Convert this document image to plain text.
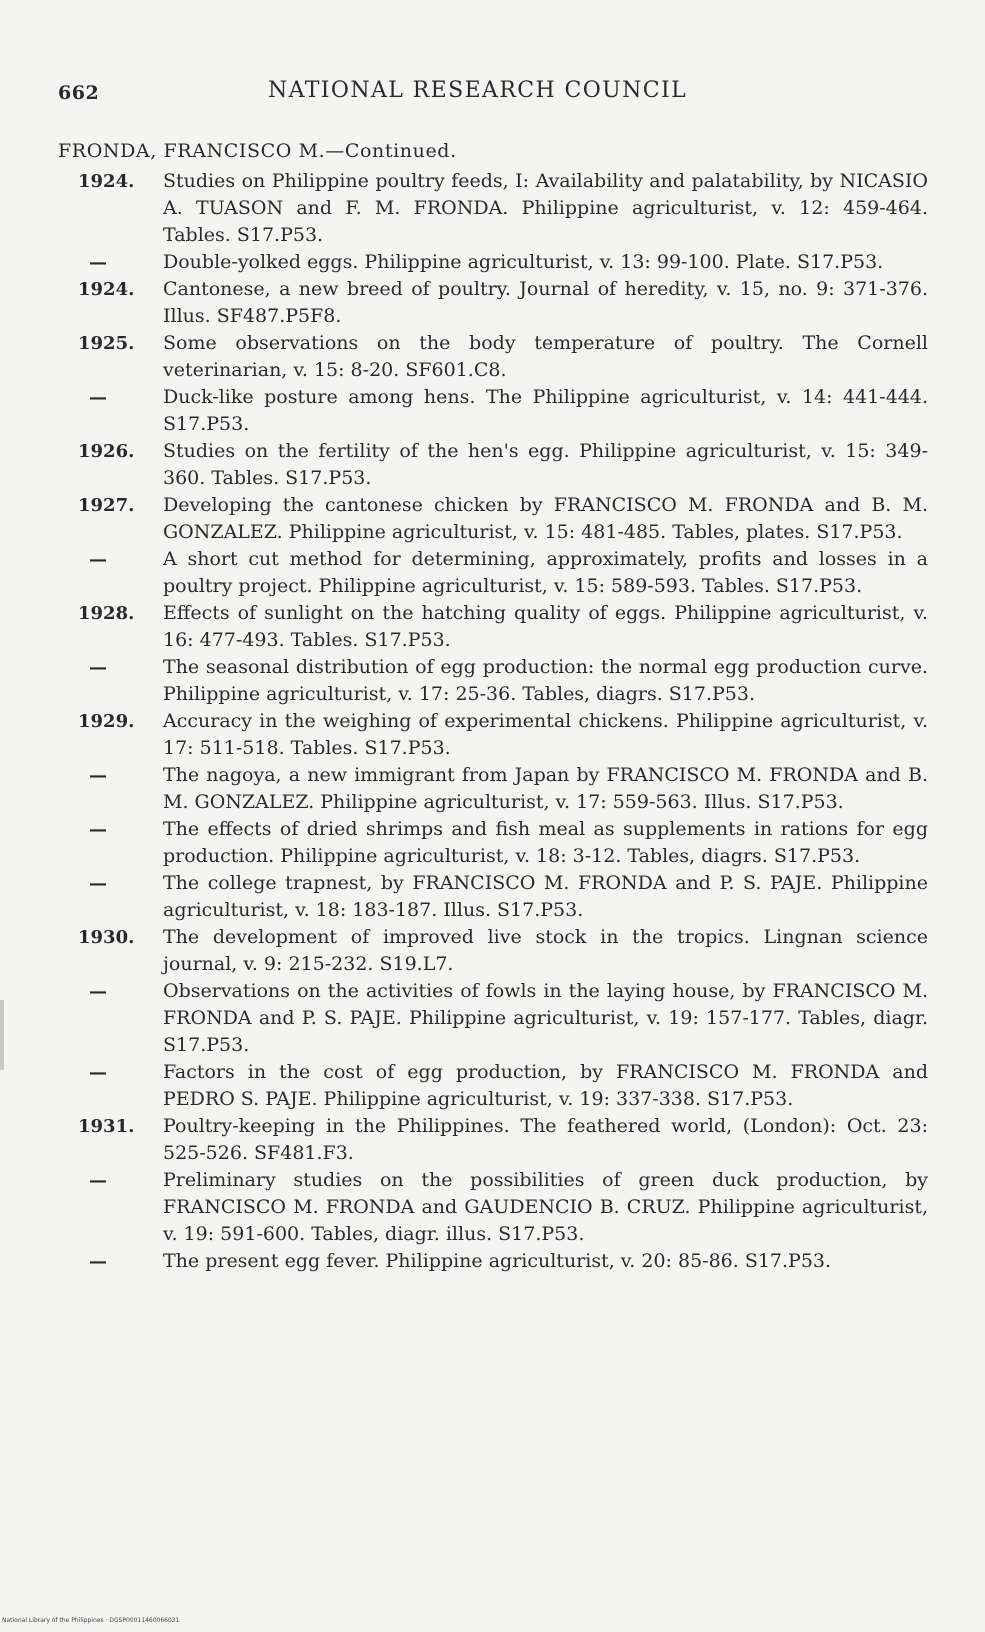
662	NATIONAL RESEARCH COUNCIL
FRONDA, FRANCISCO M.—Continued.
1924. Studies on Philippine poultry feeds, I: Availability and palatability, by NICASIO A. TUASON and F. M. FRONDA. Philippine agriculturist, v. 12: 459-464. Tables. S17.P53.
—	Double-yolked eggs. Philippine agriculturist, v. 13: 99-100. Plate. S17.P53.
1924. Cantonese, a new breed of poultry. Journal of heredity, v. 15, no. 9: 371-376. Illus. SF487.P5F8.
1925. Some observations on the body temperature of poultry. The Cornell veterinarian, v. 15: 8-20. SF601.C8.
—	Duck-like posture among hens. The Philippine agriculturist, v. 14: 441-444. S17.P53.
1926. Studies on the fertility of the hen's egg. Philippine agriculturist, v. 15: 349-360. Tables. S17.P53.
1927. Developing the cantonese chicken by FRANCISCO M. FRONDA and B. M. GONZALEZ. Philippine agriculturist, v. 15: 481-485. Tables, plates. S17.P53.
—	A short cut method for determining, approximately, profits and losses in a poultry project. Philippine agriculturist, v. 15: 589-593. Tables. S17.P53.
1928. Effects of sunlight on the hatching quality of eggs. Philippine agriculturist, v. 16: 477-493. Tables. S17.P53.
—	The seasonal distribution of egg production: the normal egg production curve. Philippine agriculturist, v. 17: 25-36. Tables, diagrs. S17.P53.
1929. Accuracy in the weighing of experimental chickens. Philippine agriculturist, v. 17: 511-518. Tables. S17.P53.
—	The nagoya, a new immigrant from Japan by FRANCISCO M. FRONDA and B. M. GONZALEZ. Philippine agriculturist, v. 17: 559-563. Illus. S17.P53.
—	The effects of dried shrimps and fish meal as supplements in rations for egg production. Philippine agriculturist, v. 18: 3-12. Tables, diagrs. S17.P53.
—	The college trapnest, by FRANCISCO M. FRONDA and P. S. PAJE. Philippine agriculturist, v. 18: 183-187. Illus. S17.P53.
1930. The development of improved live stock in the tropics. Lingnan science journal, v. 9: 215-232. S19.L7.
—	Observations on the activities of fowls in the laying house, by FRANCISCO M. FRONDA and P. S. PAJE. Philippine agriculturist, v. 19: 157-177. Tables, diagr. S17.P53.
—	Factors in the cost of egg production, by FRANCISCO M. FRONDA and PEDRO S. PAJE. Philippine agriculturist, v. 19: 337-338. S17.P53.
1931. Poultry-keeping in the Philippines. The feathered world, (London): Oct. 23: 525-526. SF481.F3.
—	Preliminary studies on the possibilities of green duck production, by FRANCISCO M. FRONDA and GAUDENCIO B. CRUZ. Philippine agriculturist, v. 19: 591-600. Tables, diagr. illus. S17.P53.
—	The present egg fever. Philippine agriculturist, v. 20: 85-86. S17.P53.
National Library of the Philippines · DGSP00011460066031
